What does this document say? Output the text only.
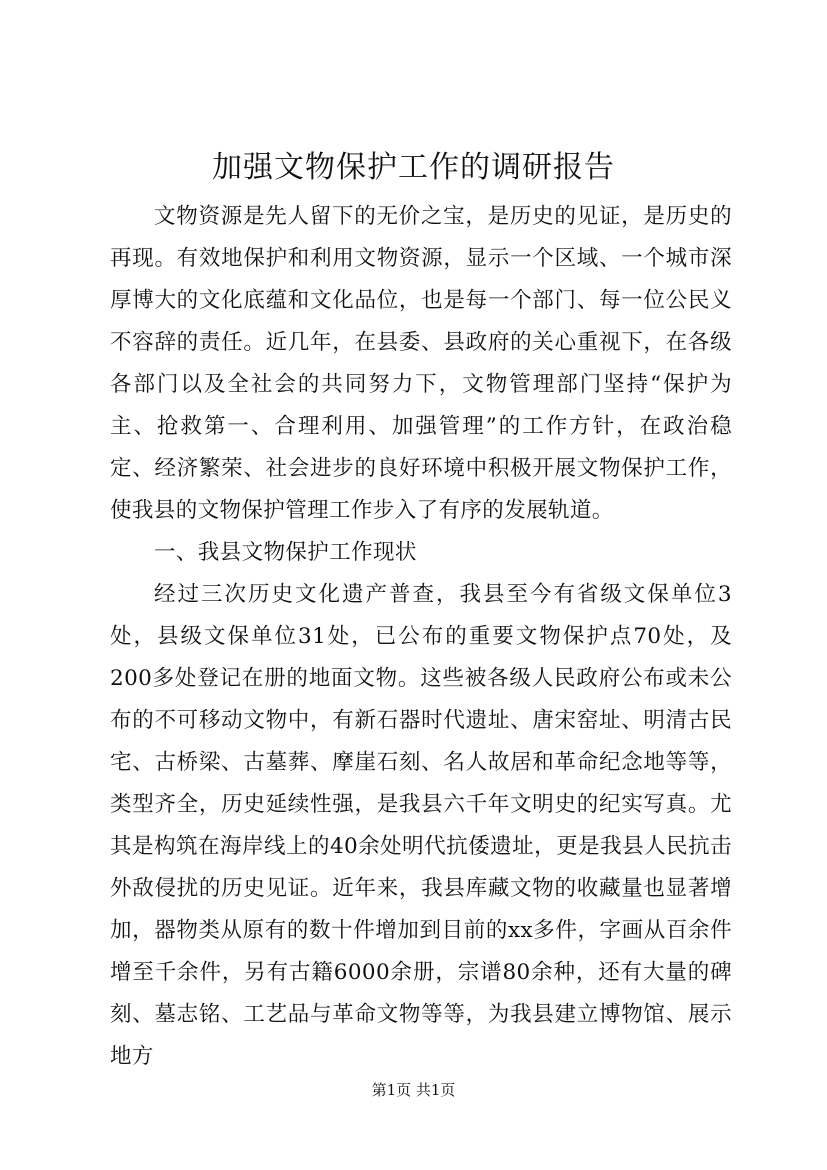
加强文物保护工作的调研报告

文物资源是先人留下的无价之宝，是历史的见证，是历史的再现。有效地保护和利用文物资源，显示一个区域、一个城市深厚博大的文化底蕴和文化品位，也是每一个部门、每一位公民义不容辞的责任。近几年，在县委、县政府的关心重视下，在各级各部门以及全社会的共同努力下，文物管理部门坚持“保护为主、抢救第一、合理利用、加强管理”的工作方针，在政治稳定、经济繁荣、社会进步的良好环境中积极开展文物保护工作，使我县的文物保护管理工作步入了有序的发展轨道。

一、我县文物保护工作现状

经过三次历史文化遗产普查，我县至今有省级文保单位3处，县级文保单位31处，已公布的重要文物保护点70处，及200多处登记在册的地面文物。这些被各级人民政府公布或未公布的不可移动文物中，有新石器时代遗址、唐宋窑址、明清古民宅、古桥梁、古墓葬、摩崖石刻、名人故居和革命纪念地等等，类型齐全，历史延续性强，是我县六千年文明史的纪实写真。尤其是构筑在海岸线上的40余处明代抗倭遗址，更是我县人民抗击外敌侵扰的历史见证。近年来，我县库藏文物的收藏量也显著增加，器物类从原有的数十件增加到目前的xx多件，字画从百余件增至千余件，另有古籍6000余册，宗谱80余种，还有大量的碑刻、墓志铭、工艺品与革命文物等等，为我县建立博物馆、展示地方

第1页 共1页
